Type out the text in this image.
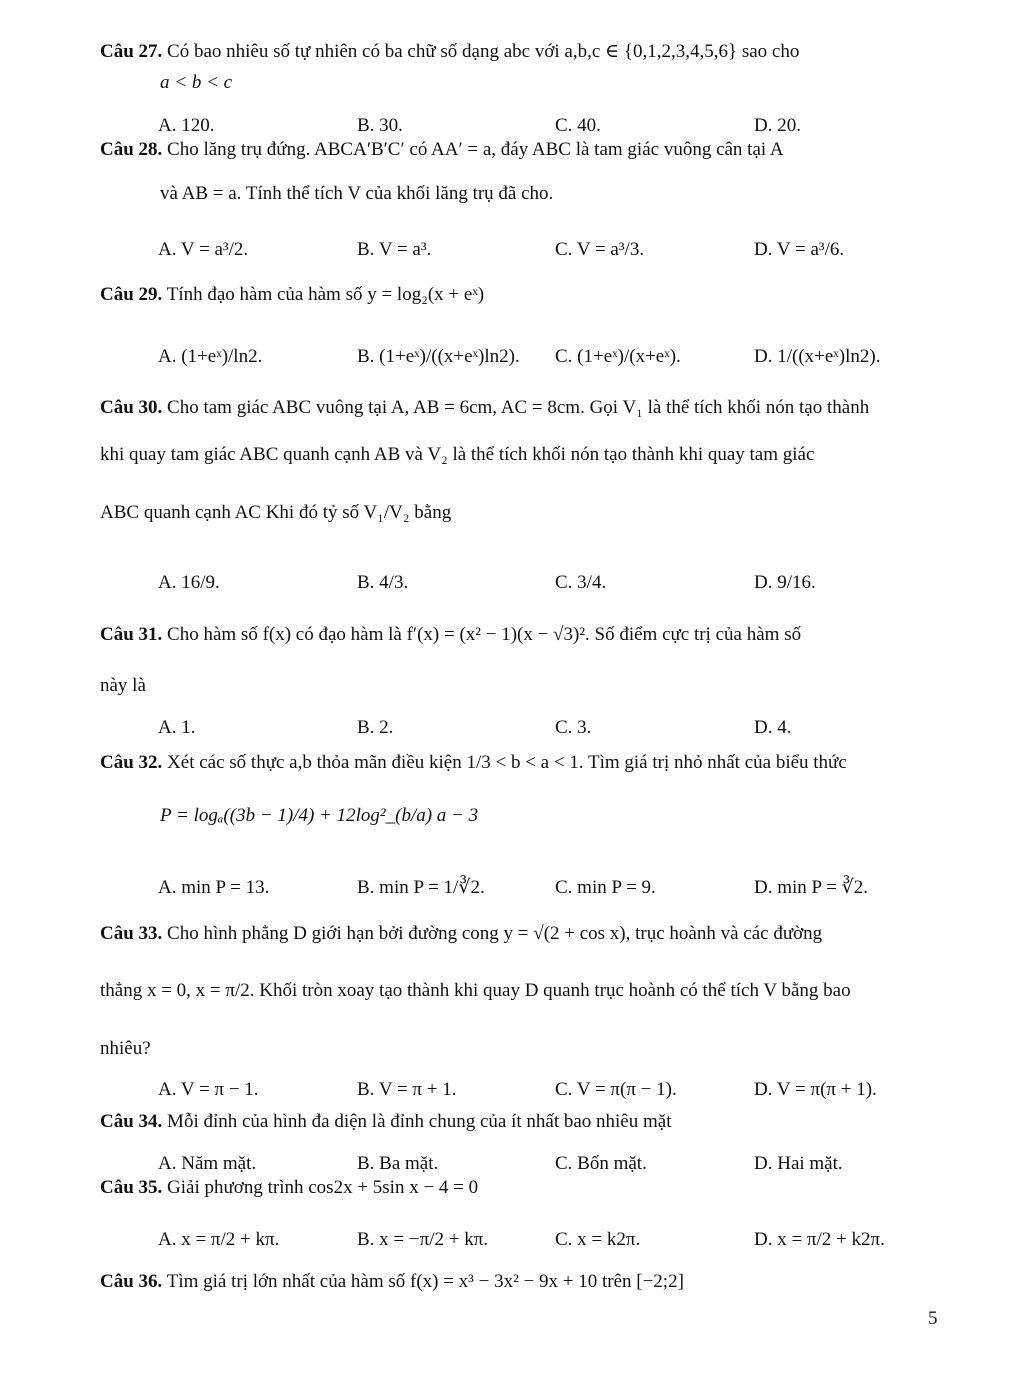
Câu 27. Có bao nhiêu số tự nhiên có ba chữ số dạng abc với a,b,c ∈ {0,1,2,3,4,5,6} sao cho
a < b < c
A. 120.	B. 30.	C. 40.	D. 20.
Câu 28. Cho lăng trụ đứng. ABCA′B′C′ có AA′ = a, đáy ABC là tam giác vuông cân tại A
và AB = a. Tính thể tích V của khối lăng trụ đã cho.
A. V = a³/2.	B. V = a³.	C. V = a³/3.	D. V = a³/6.
Câu 29. Tính đạo hàm của hàm số y = log₂(x + eˣ)
A. (1+eˣ)/ln2.	B. (1+eˣ)/((x+eˣ)ln2). C. (1+eˣ)/(x+eˣ).	D. 1/((x+eˣ)ln2).
Câu 30. Cho tam giác ABC vuông tại A, AB = 6cm, AC = 8cm. Gọi V₁ là thể tích khối nón tạo thành
khi quay tam giác ABC quanh cạnh AB và V₂ là thể tích khối nón tạo thành khi quay tam giác
ABC quanh cạnh AC Khi đó tỷ số V₁/V₂ bằng
A. 16/9.	B. 4/3.	C. 3/4.	D. 9/16.
Câu 31. Cho hàm số f(x) có đạo hàm là f′(x) = (x² − 1)(x − √3)². Số điểm cực trị của hàm số
này là
A. 1.	B. 2.	C. 3.	D. 4.
Câu 32. Xét các số thực a,b thỏa mãn điều kiện 1/3 < b < a < 1. Tìm giá trị nhỏ nhất của biểu thức
P = logₐ((3b − 1)/4) + 12log²_(b/a) a − 3
A. min P = 13.	B. min P = 1/∛2.	C. min P = 9.	D. min P = ∛2.
Câu 33. Cho hình phẳng D giới hạn bởi đường cong y = √(2 + cos x), trục hoành và các đường
thẳng x = 0, x = π/2. Khối tròn xoay tạo thành khi quay D quanh trục hoành có thể tích V bằng bao
nhiêu?
A. V = π − 1.	B. V = π + 1.	C. V = π(π − 1).	D. V = π(π + 1).
Câu 34. Mỗi đỉnh của hình đa diện là đỉnh chung của ít nhất bao nhiêu mặt
A. Năm mặt.	B. Ba mặt.	C. Bốn mặt.	D. Hai mặt.
Câu 35. Giải phương trình cos2x + 5sin x − 4 = 0
A. x = π/2 + kπ.	B. x = −π/2 + kπ.	C. x = k2π.	D. x = π/2 + k2π.
Câu 36. Tìm giá trị lớn nhất của hàm số f(x) = x³ − 3x² − 9x + 10 trên [−2;2]
5
